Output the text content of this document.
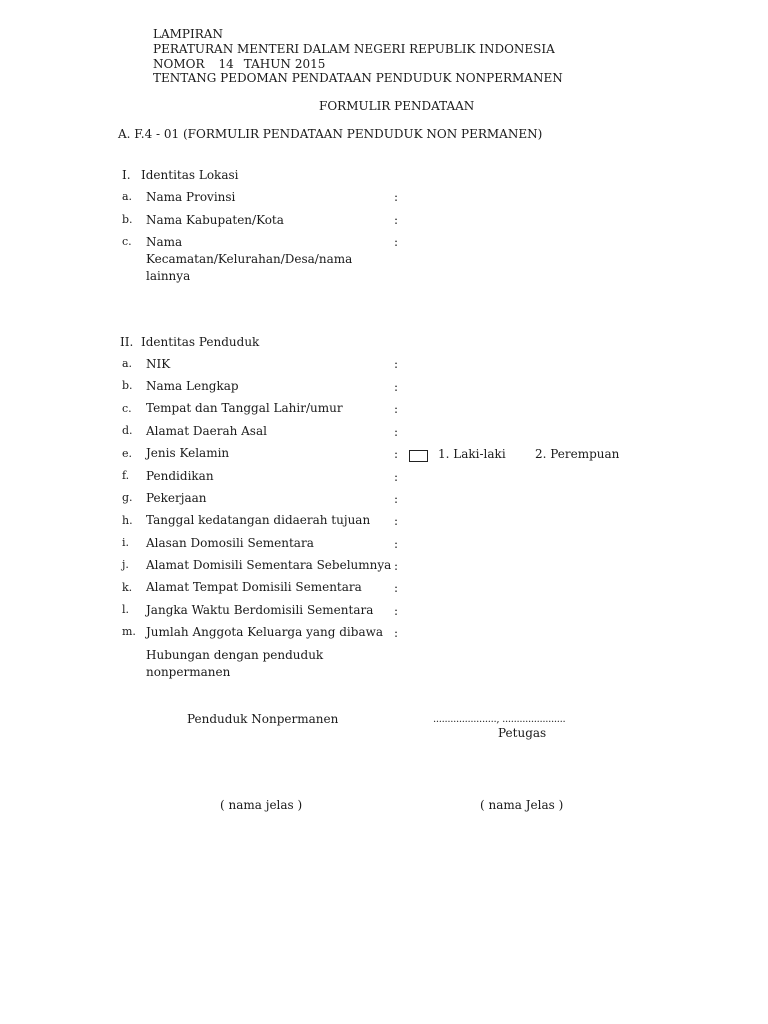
LAMPIRAN
PERATURAN MENTERI DALAM NEGERI REPUBLIK INDONESIA
NOMOR 14 TAHUN 2015
TENTANG PEDOMAN PENDATAAN PENDUDUK NONPERMANEN
FORMULIR PENDATAAN
A. F.4 - 01 (FORMULIR PENDATAAN PENDUDUK NON PERMANEN)
I. Identitas Lokasi
a. Nama Provinsi	:
b. Nama Kabupaten/Kota	:
c. Nama Kecamatan/Kelurahan/Desa/nama lainnya
:
II. Identitas Penduduk
a. NIK	:
b. Nama Lengkap	:
c. Tempat dan Tanggal Lahir/umur	:
d. Alamat Daerah Asal	:
e. Jenis Kelamin	:	1. Laki-laki 2. Perempuan
f. Pendidikan	:
g. Pekerjaan	:
h. Tanggal kedatangan didaerah tujuan :
i. Alasan Domosili Sementara	:
j. Alamat Domisili Sementara Sebelumnya :
k. Alamat Tempat Domisili Sementara	:
l. Jangka Waktu Berdomisili Sementara :
m. Jumlah Anggota Keluarga yang dibawa :
Hubungan dengan penduduk nonpermanen
Penduduk Nonpermanen	......................, ......................
Petugas
( nama jelas )	( nama Jelas )
